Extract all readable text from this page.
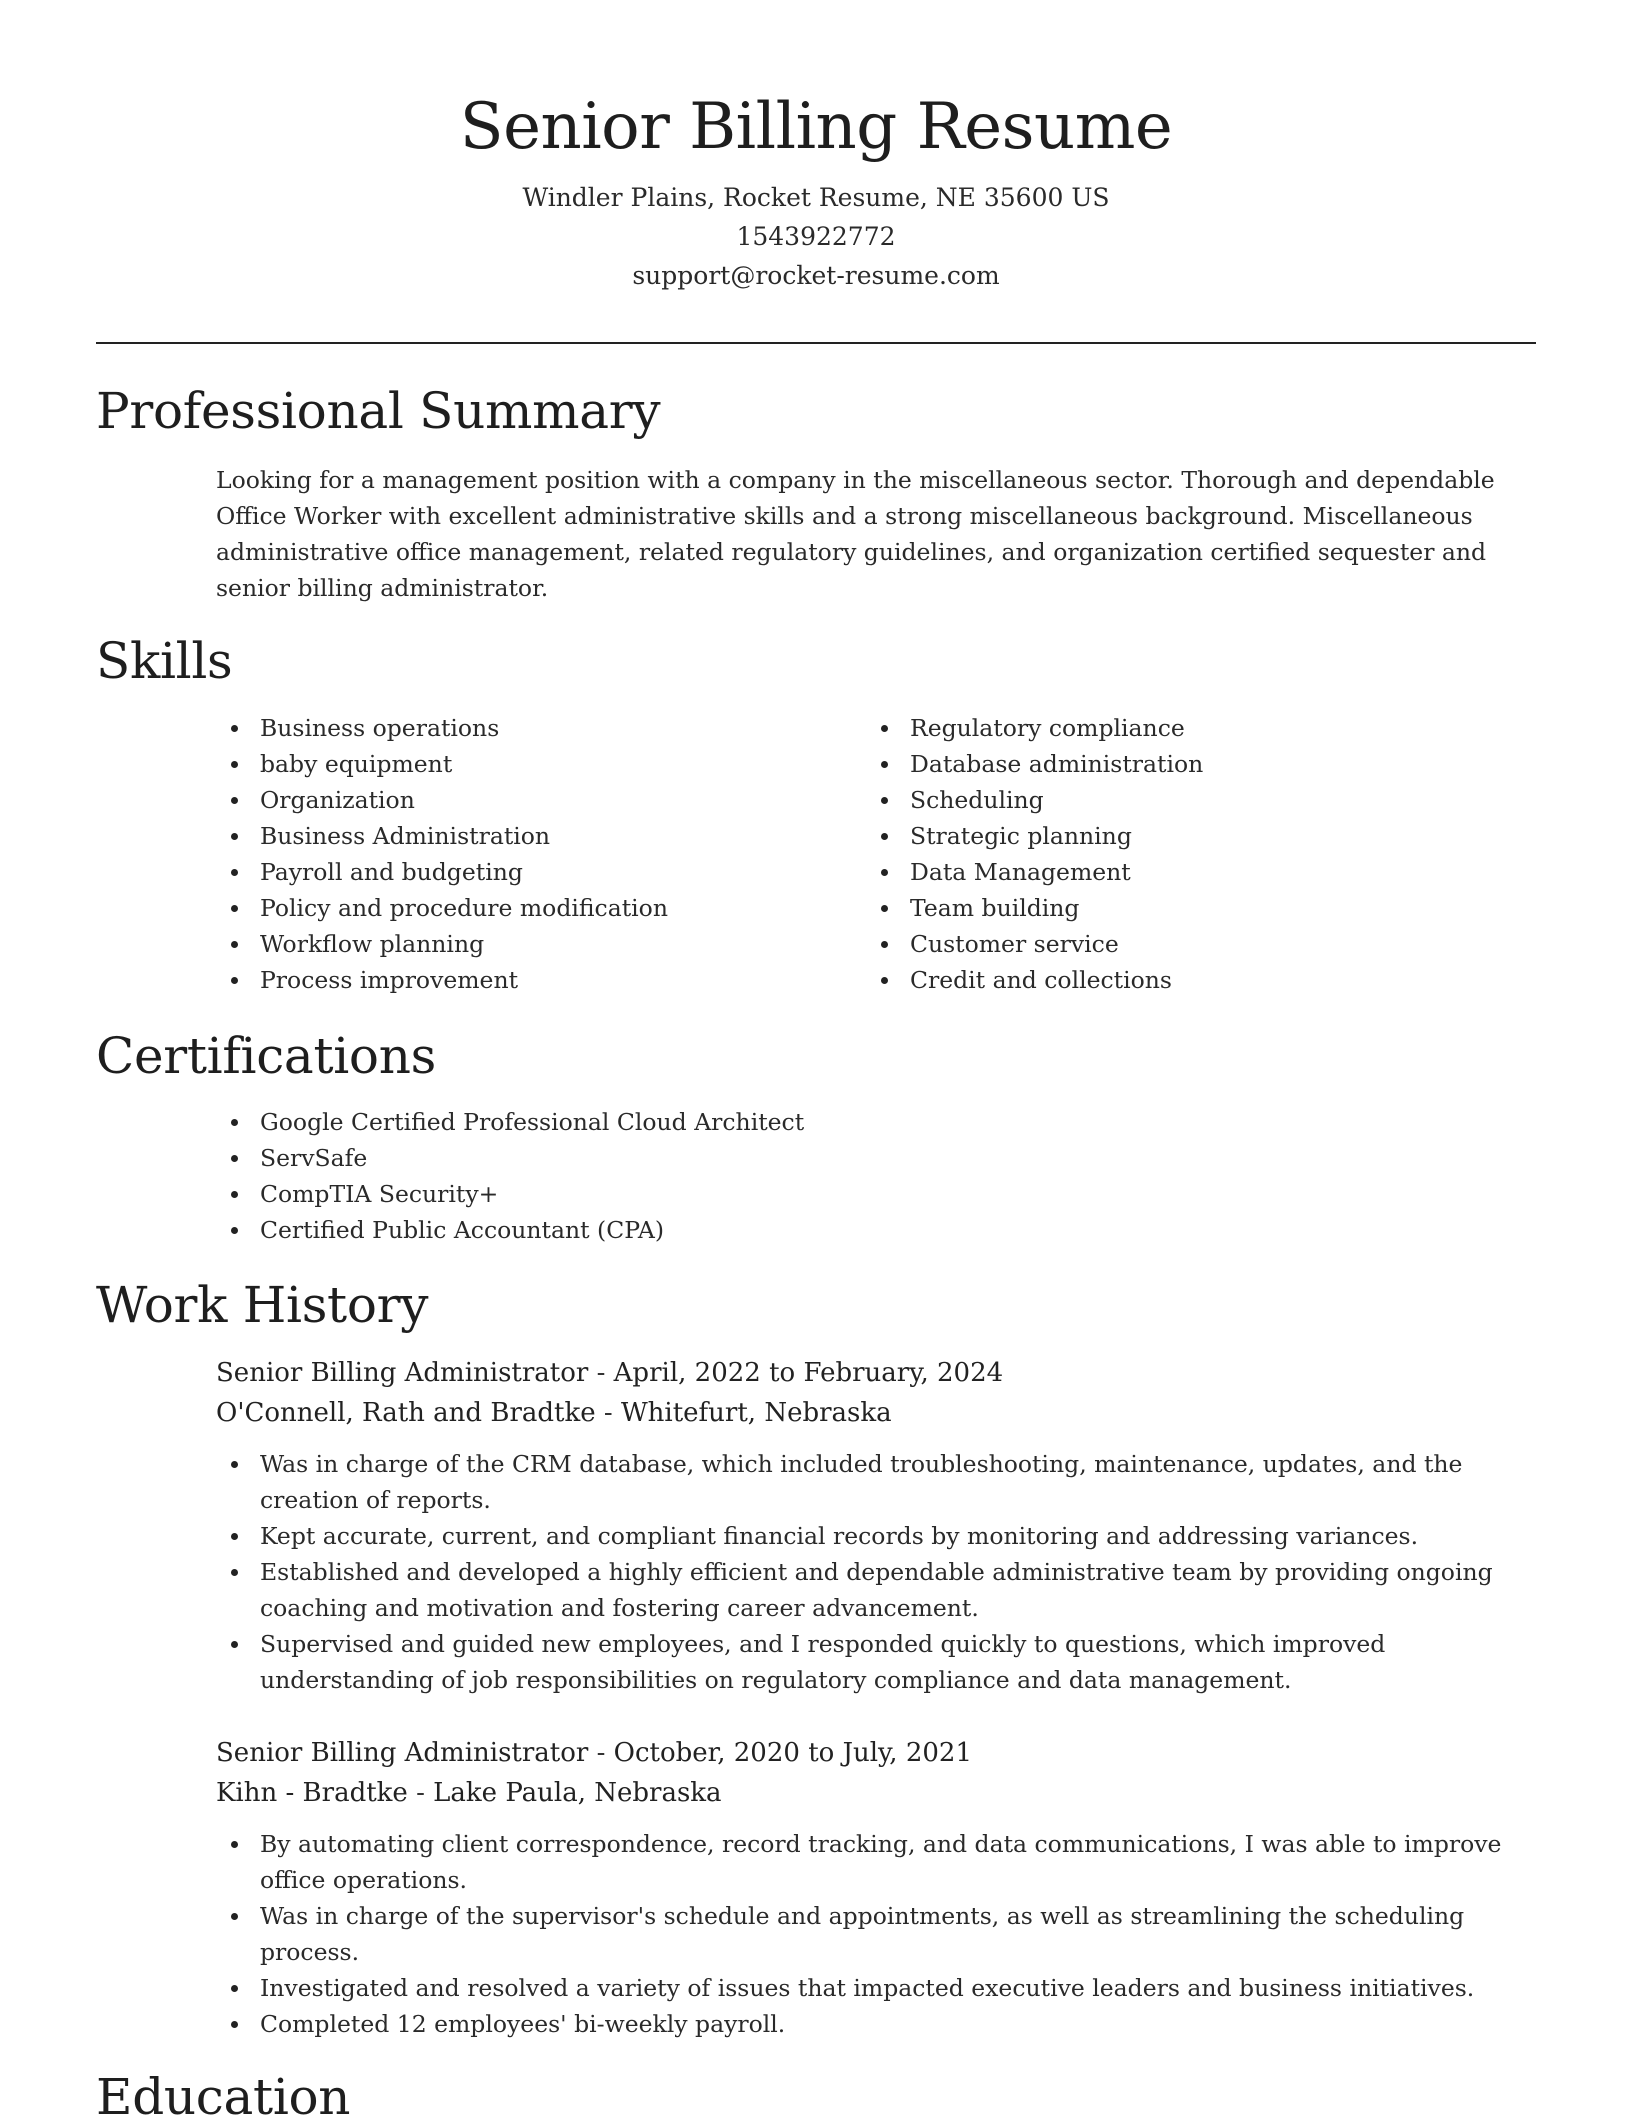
Senior Billing Resume
Windler Plains, Rocket Resume, NE 35600 US
1543922772
support@rocket-resume.com
Professional Summary

Looking for a management position with a company in the miscellaneous sector. Thorough and dependable Office Worker with excellent administrative skills and a strong miscellaneous background. Miscellaneous administrative office management, related regulatory guidelines, and organization certified sequester and senior billing administrator.

Skills
Business operations
baby equipment
Organization
Business Administration
Payroll and budgeting
Policy and procedure modification
Workflow planning
Process improvement
Regulatory compliance
Database administration
Scheduling
Strategic planning
Data Management
Team building
Customer service
Credit and collections
Certifications
Google Certified Professional Cloud Architect
ServSafe
CompTIA Security+
Certified Public Accountant (CPA)
Work History
Senior Billing Administrator - April, 2022 to February, 2024
O'Connell, Rath and Bradtke - Whitefurt, Nebraska
Was in charge of the CRM database, which included troubleshooting, maintenance, updates, and the creation of reports.
Kept accurate, current, and compliant financial records by monitoring and addressing variances.
Established and developed a highly efficient and dependable administrative team by providing ongoing coaching and motivation and fostering career advancement.
Supervised and guided new employees, and I responded quickly to questions, which improved understanding of job responsibilities on regulatory compliance and data management.
Senior Billing Administrator - October, 2020 to July, 2021
Kihn - Bradtke - Lake Paula, Nebraska
By automating client correspondence, record tracking, and data communications, I was able to improve office operations.
Was in charge of the supervisor's schedule and appointments, as well as streamlining the scheduling process.
Investigated and resolved a variety of issues that impacted executive leaders and business initiatives.
Completed 12 employees' bi-weekly payroll.
Education
